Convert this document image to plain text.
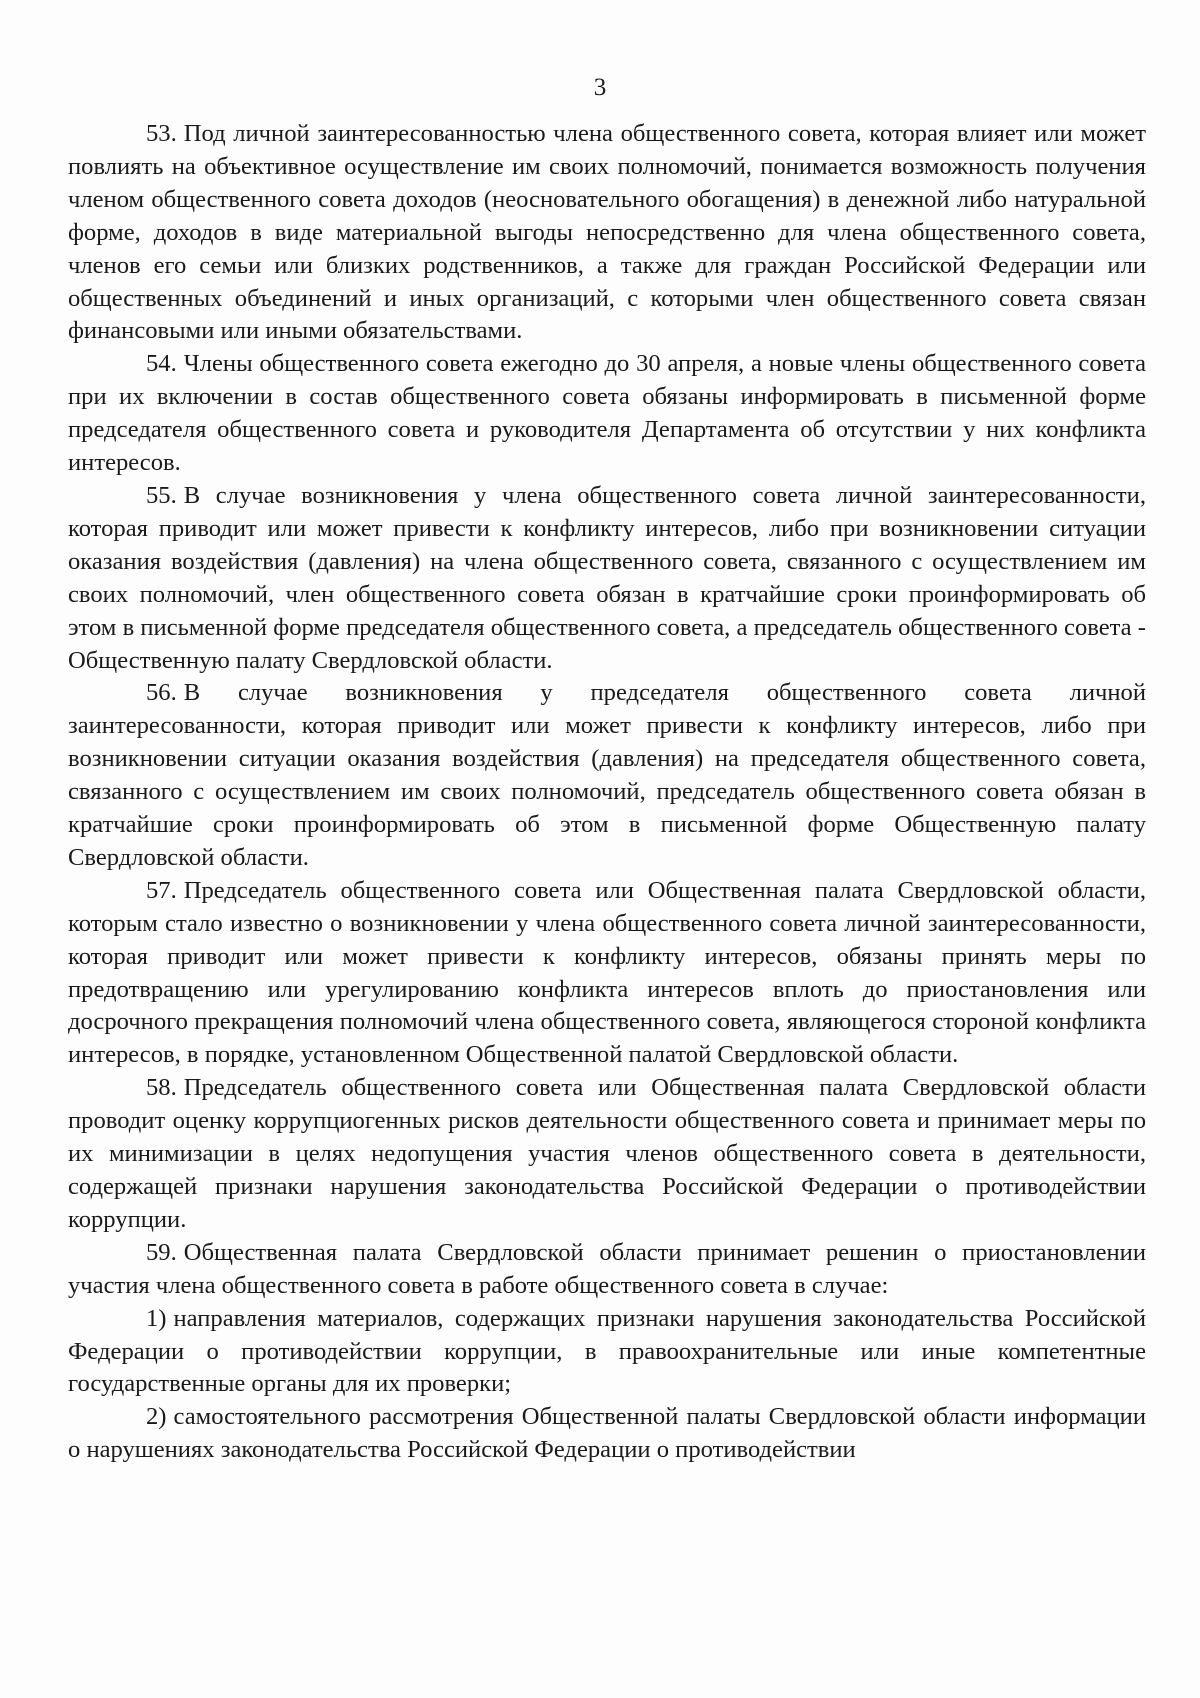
3

53. Под личной заинтересованностью члена общественного совета, которая влияет или может повлиять на объективное осуществление им своих полномочий, понимается возможность получения членом общественного совета доходов (неосновательного обогащения) в денежной либо натуральной форме, доходов в виде материальной выгоды непосредственно для члена общественного совета, членов его семьи или близких родственников, а также для граждан Российской Федерации или общественных объединений и иных организаций, с которыми член общественного совета связан финансовыми или иными обязательствами.

54. Члены общественного совета ежегодно до 30 апреля, а новые члены общественного совета при их включении в состав общественного совета обязаны информировать в письменной форме председателя общественного совета и руководителя Департамента об отсутствии у них конфликта интересов.

55. В случае возникновения у члена общественного совета личной заинтересованности, которая приводит или может привести к конфликту интересов, либо при возникновении ситуации оказания воздействия (давления) на члена общественного совета, связанного с осуществлением им своих полномочий, член общественного совета обязан в кратчайшие сроки проинформировать об этом в письменной форме председателя общественного совета, а председатель общественного совета - Общественную палату Свердловской области.

56. В случае возникновения у председателя общественного совета личной заинтересованности, которая приводит или может привести к конфликту интересов, либо при возникновении ситуации оказания воздействия (давления) на председателя общественного совета, связанного с осуществлением им своих полномочий, председатель общественного совета обязан в кратчайшие сроки проинформировать об этом в письменной форме Общественную палату Свердловской области.

57. Председатель общественного совета или Общественная палата Свердловской области, которым стало известно о возникновении у члена общественного совета личной заинтересованности, которая приводит или может привести к конфликту интересов, обязаны принять меры по предотвращению или урегулированию конфликта интересов вплоть до приостановления или досрочного прекращения полномочий члена общественного совета, являющегося стороной конфликта интересов, в порядке, установленном Общественной палатой Свердловской области.

58. Председатель общественного совета или Общественная палата Свердловской области проводит оценку коррупциогенных рисков деятельности общественного совета и принимает меры по их минимизации в целях недопущения участия членов общественного совета в деятельности, содержащей признаки нарушения законодательства Российской Федерации о противодействии коррупции.

59. Общественная палата Свердловской области принимает решенин о приостановлении участия члена общественного совета в работе общественного совета в случае:

1) направления материалов, содержащих признаки нарушения законодательства Российской Федерации о противодействии коррупции, в правоохранительные или иные компетентные государственные органы для их проверки;

2) самостоятельного рассмотрения Общественной палаты Свердловской области информации о нарушениях законодательства Российской Федерации о противодействии
